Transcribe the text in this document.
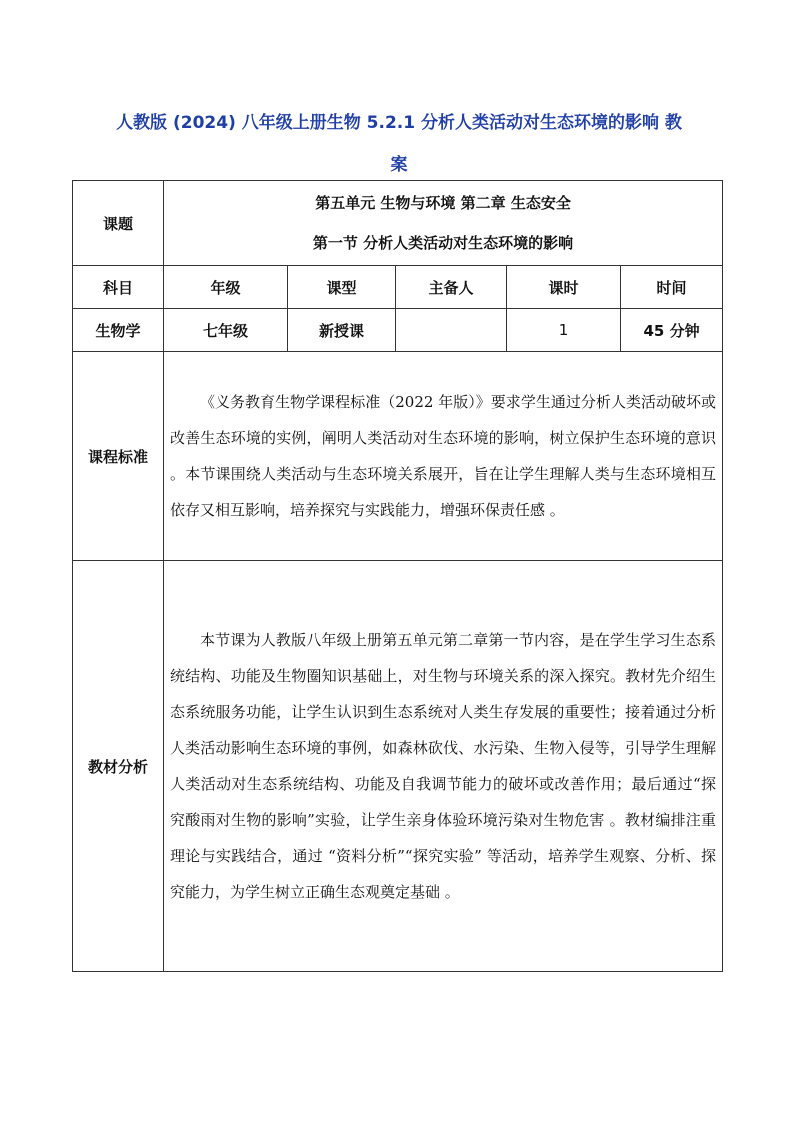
人教版 (2024) 八年级上册生物 5.2.1 分析人类活动对生态环境的影响 教
案
课题	第五单元 生物与环境 第二章 生态安全
第一节 分析人类活动对生态环境的影响				

科目	年级	课型	主备人	课时	时间
生物学	七年级	新授课		1	45 分钟
课程标准	《义务教育生物学课程标准（2022 年版）》要求学生通过分析人类活动破坏或改善生态环境的实例，阐明人类活动对生态环境的影响，树立保护生态环境的意识 。本节课围绕人类活动与生态环境关系展开，旨在让学生理解人类与生态环境相互依存又相互影响，培养探究与实践能力，增强环保责任感 。				

教材分析	本节课为人教版八年级上册第五单元第二章第一节内容，是在学生学习生态系统结构、功能及生物圈知识基础上，对生物与环境关系的深入探究。教材先介绍生态系统服务功能，让学生认识到生态系统对人类生存发展的重要性；接着通过分析人类活动影响生态环境的事例，如森林砍伐、水污染、生物入侵等，引导学生理解人类活动对生态系统结构、功能及自我调节能力的破坏或改善作用；最后通过“探究酸雨对生物的影响”实验，让学生亲身体验环境污染对生物危害 。教材编排注重理论与实践结合，通过 “资料分析”“探究实验” 等活动，培养学生观察、分析、探究能力，为学生树立正确生态观奠定基础 。				
